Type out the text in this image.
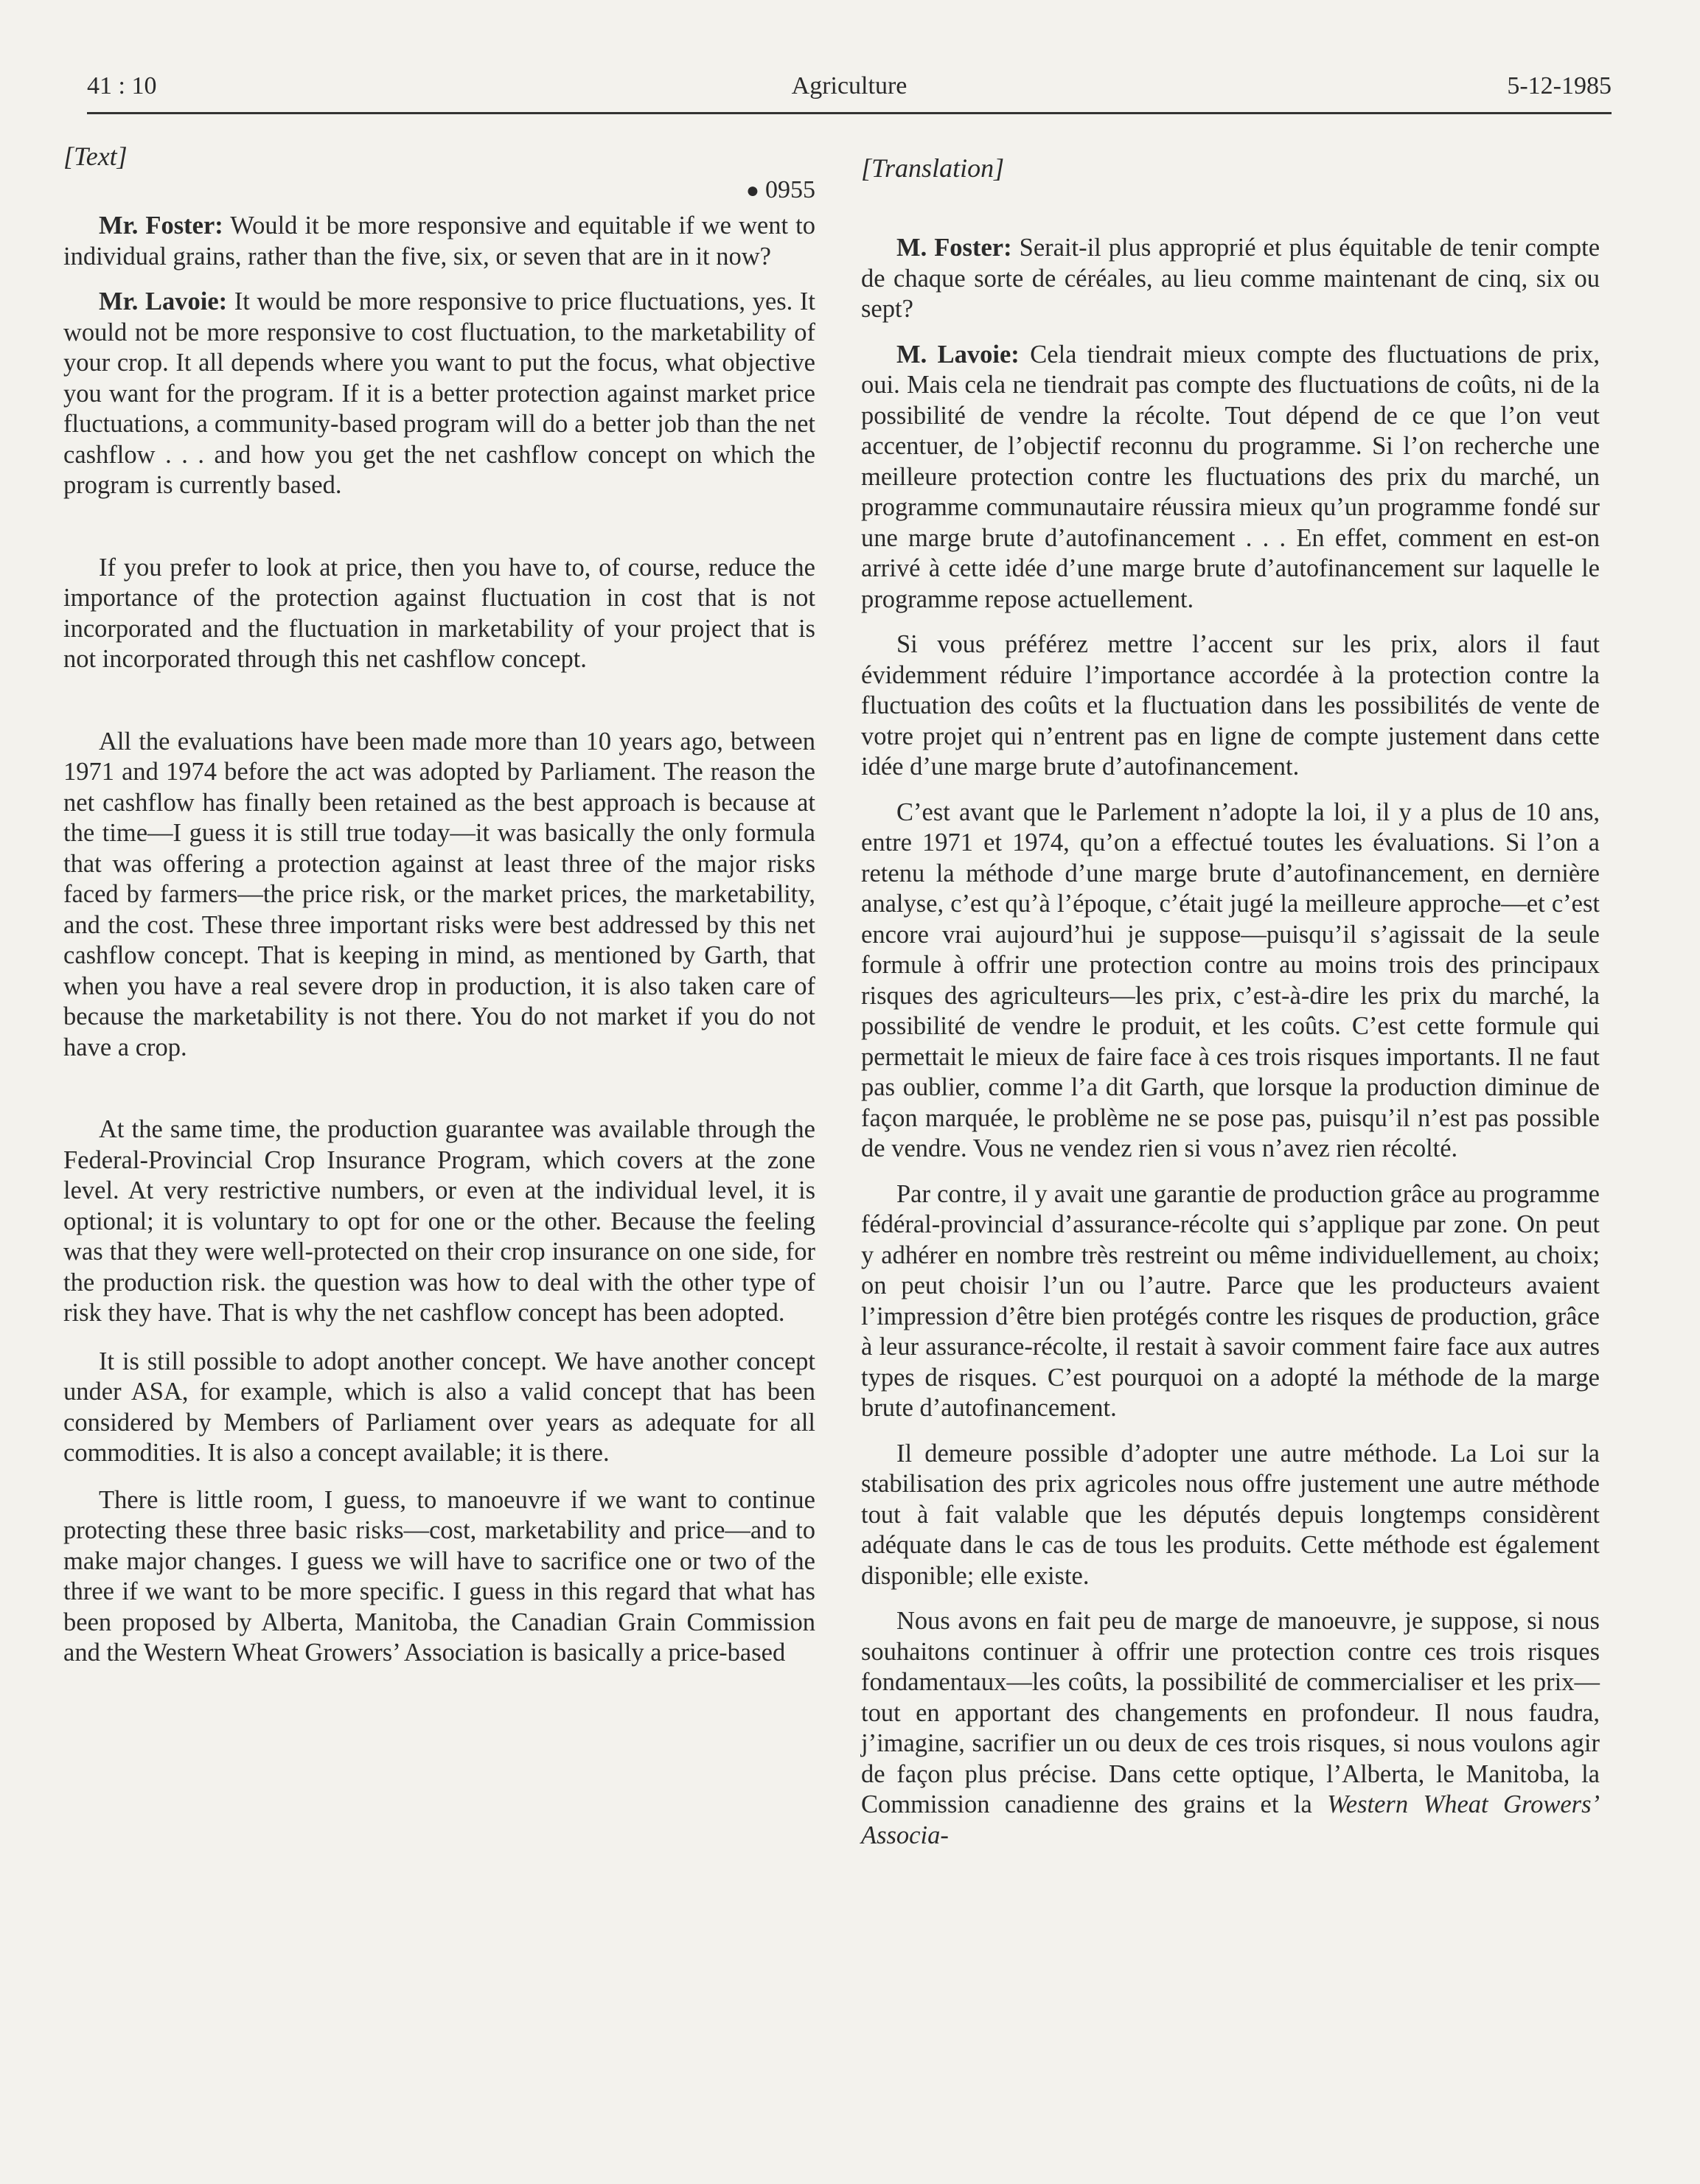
41 : 10	Agriculture	5-12-1985
[Text]
● 0955

Mr. Foster: Would it be more responsive and equitable if we went to individual grains, rather than the five, six, or seven that are in it now?

Mr. Lavoie: It would be more responsive to price fluctuations, yes. It would not be more responsive to cost fluctuation, to the marketability of your crop. It all depends where you want to put the focus, what objective you want for the program. If it is a better protection against market price fluctuations, a community-based program will do a better job than the net cashflow . . . and how you get the net cashflow concept on which the program is currently based.

If you prefer to look at price, then you have to, of course, reduce the importance of the protection against fluctuation in cost that is not incorporated and the fluctuation in marketability of your project that is not incorporated through this net cashflow concept.

All the evaluations have been made more than 10 years ago, between 1971 and 1974 before the act was adopted by Parliament. The reason the net cashflow has finally been retained as the best approach is because at the time—I guess it is still true today—it was basically the only formula that was offering a protection against at least three of the major risks faced by farmers—the price risk, or the market prices, the marketability, and the cost. These three important risks were best addressed by this net cashflow concept. That is keeping in mind, as mentioned by Garth, that when you have a real severe drop in production, it is also taken care of because the marketability is not there. You do not market if you do not have a crop.

At the same time, the production guarantee was available through the Federal-Provincial Crop Insurance Program, which covers at the zone level. At very restrictive numbers, or even at the individual level, it is optional; it is voluntary to opt for one or the other. Because the feeling was that they were well-protected on their crop insurance on one side, for the production risk. the question was how to deal with the other type of risk they have. That is why the net cashflow concept has been adopted.

It is still possible to adopt another concept. We have another concept under ASA, for example, which is also a valid concept that has been considered by Members of Parliament over years as adequate for all commodities. It is also a concept available; it is there.

There is little room, I guess, to manoeuvre if we want to continue protecting these three basic risks—cost, marketability and price—and to make major changes. I guess we will have to sacrifice one or two of the three if we want to be more specific. I guess in this regard that what has been proposed by Alberta, Manitoba, the Canadian Grain Commission and the Western Wheat Growers’ Association is basically a price-based

[Translation]

M. Foster: Serait-il plus approprié et plus équitable de tenir compte de chaque sorte de céréales, au lieu comme maintenant de cinq, six ou sept?

M. Lavoie: Cela tiendrait mieux compte des fluctuations de prix, oui. Mais cela ne tiendrait pas compte des fluctuations de coûts, ni de la possibilité de vendre la récolte. Tout dépend de ce que l’on veut accentuer, de l’objectif reconnu du programme. Si l’on recherche une meilleure protection contre les fluctuations des prix du marché, un programme communautaire réussira mieux qu’un programme fondé sur une marge brute d’autofinancement . . . En effet, comment en est-on arrivé à cette idée d’une marge brute d’autofinancement sur laquelle le programme repose actuellement.

Si vous préférez mettre l’accent sur les prix, alors il faut évidemment réduire l’importance accordée à la protection contre la fluctuation des coûts et la fluctuation dans les possibilités de vente de votre projet qui n’entrent pas en ligne de compte justement dans cette idée d’une marge brute d’autofinancement.

C’est avant que le Parlement n’adopte la loi, il y a plus de 10 ans, entre 1971 et 1974, qu’on a effectué toutes les évaluations. Si l’on a retenu la méthode d’une marge brute d’autofinancement, en dernière analyse, c’est qu’à l’époque, c’était jugé la meilleure approche—et c’est encore vrai aujourd’hui je suppose—puisqu’il s’agissait de la seule formule à offrir une protection contre au moins trois des principaux risques des agriculteurs—les prix, c’est-à-dire les prix du marché, la possibilité de vendre le produit, et les coûts. C’est cette formule qui permettait le mieux de faire face à ces trois risques importants. Il ne faut pas oublier, comme l’a dit Garth, que lorsque la production diminue de façon marquée, le problème ne se pose pas, puisqu’il n’est pas possible de vendre. Vous ne vendez rien si vous n’avez rien récolté.

Par contre, il y avait une garantie de production grâce au programme fédéral-provincial d’assurance-récolte qui s’applique par zone. On peut y adhérer en nombre très restreint ou même individuellement, au choix; on peut choisir l’un ou l’autre. Parce que les producteurs avaient l’impression d’être bien protégés contre les risques de production, grâce à leur assurance-récolte, il restait à savoir comment faire face aux autres types de risques. C’est pourquoi on a adopté la méthode de la marge brute d’autofinancement.

Il demeure possible d’adopter une autre méthode. La Loi sur la stabilisation des prix agricoles nous offre justement une autre méthode tout à fait valable que les députés depuis longtemps considèrent adéquate dans le cas de tous les produits. Cette méthode est également disponible; elle existe.

Nous avons en fait peu de marge de manoeuvre, je suppose, si nous souhaitons continuer à offrir une protection contre ces trois risques fondamentaux—les coûts, la possibilité de commercialiser et les prix—tout en apportant des changements en profondeur. Il nous faudra, j’imagine, sacrifier un ou deux de ces trois risques, si nous voulons agir de façon plus précise. Dans cette optique, l’Alberta, le Manitoba, la Commission canadienne des grains et la Western Wheat Growers’ Associa-
